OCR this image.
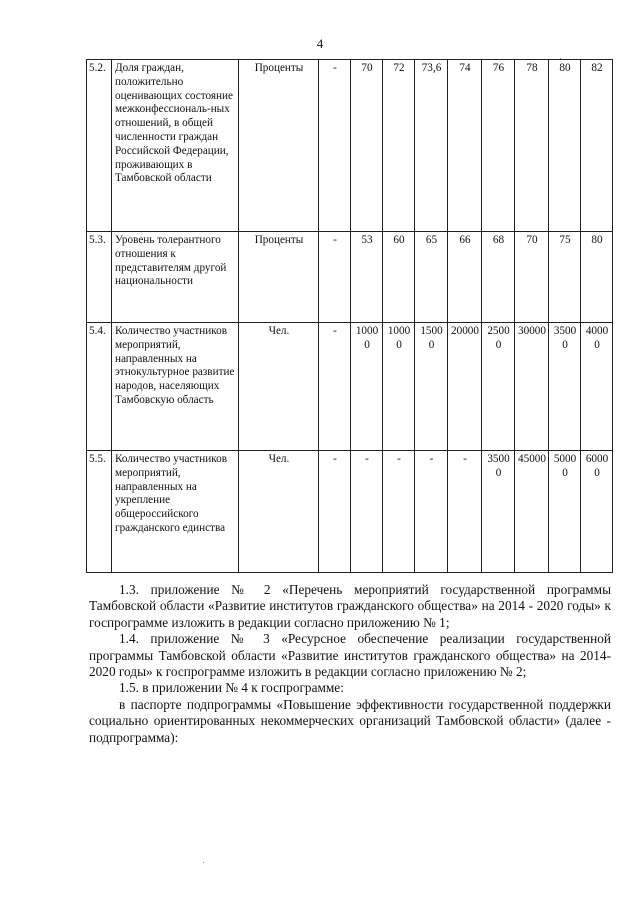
4
5.2.	Доля граждан, положительно оценивающих состояние межконфессиональ-ных отношений, в общей численности граждан Российской Федерации, проживающих в Тамбовской области	Проценты	-	70	72	73,6	74	76	78	80	82
5.3.	Уровень толерантного отношения к представителям другой национальности	Проценты	-	53	60	65	66	68	70	75	80
5.4.	Количество участников мероприятий, направленных на этнокультурное развитие народов, населяющих Тамбовскую область	Чел.	-	10000	10000	15000	20000	25000	30000	35000	40000
5.5.	Количество участников мероприятий, направленных на укрепление общероссийского гражданского единства	Чел.	-	-	-	-	-	35000	45000	50000	60000

1.3. приложение № 2 «Перечень мероприятий государственной программы Тамбовской области «Развитие институтов гражданского общества» на 2014 - 2020 годы» к госпрограмме изложить в редакции согласно приложению № 1;

1.4. приложение № 3 «Ресурсное обеспечение реализации государственной программы Тамбовской области «Развитие институтов гражданского общества» на 2014-2020 годы» к госпрограмме изложить в редакции согласно приложению № 2;

1.5. в приложении № 4 к госпрограмме:

в паспорте подпрограммы «Повышение эффективности государственной поддержки социально ориентированных некоммерческих организаций Тамбовской области» (далее - подпрограмма):
